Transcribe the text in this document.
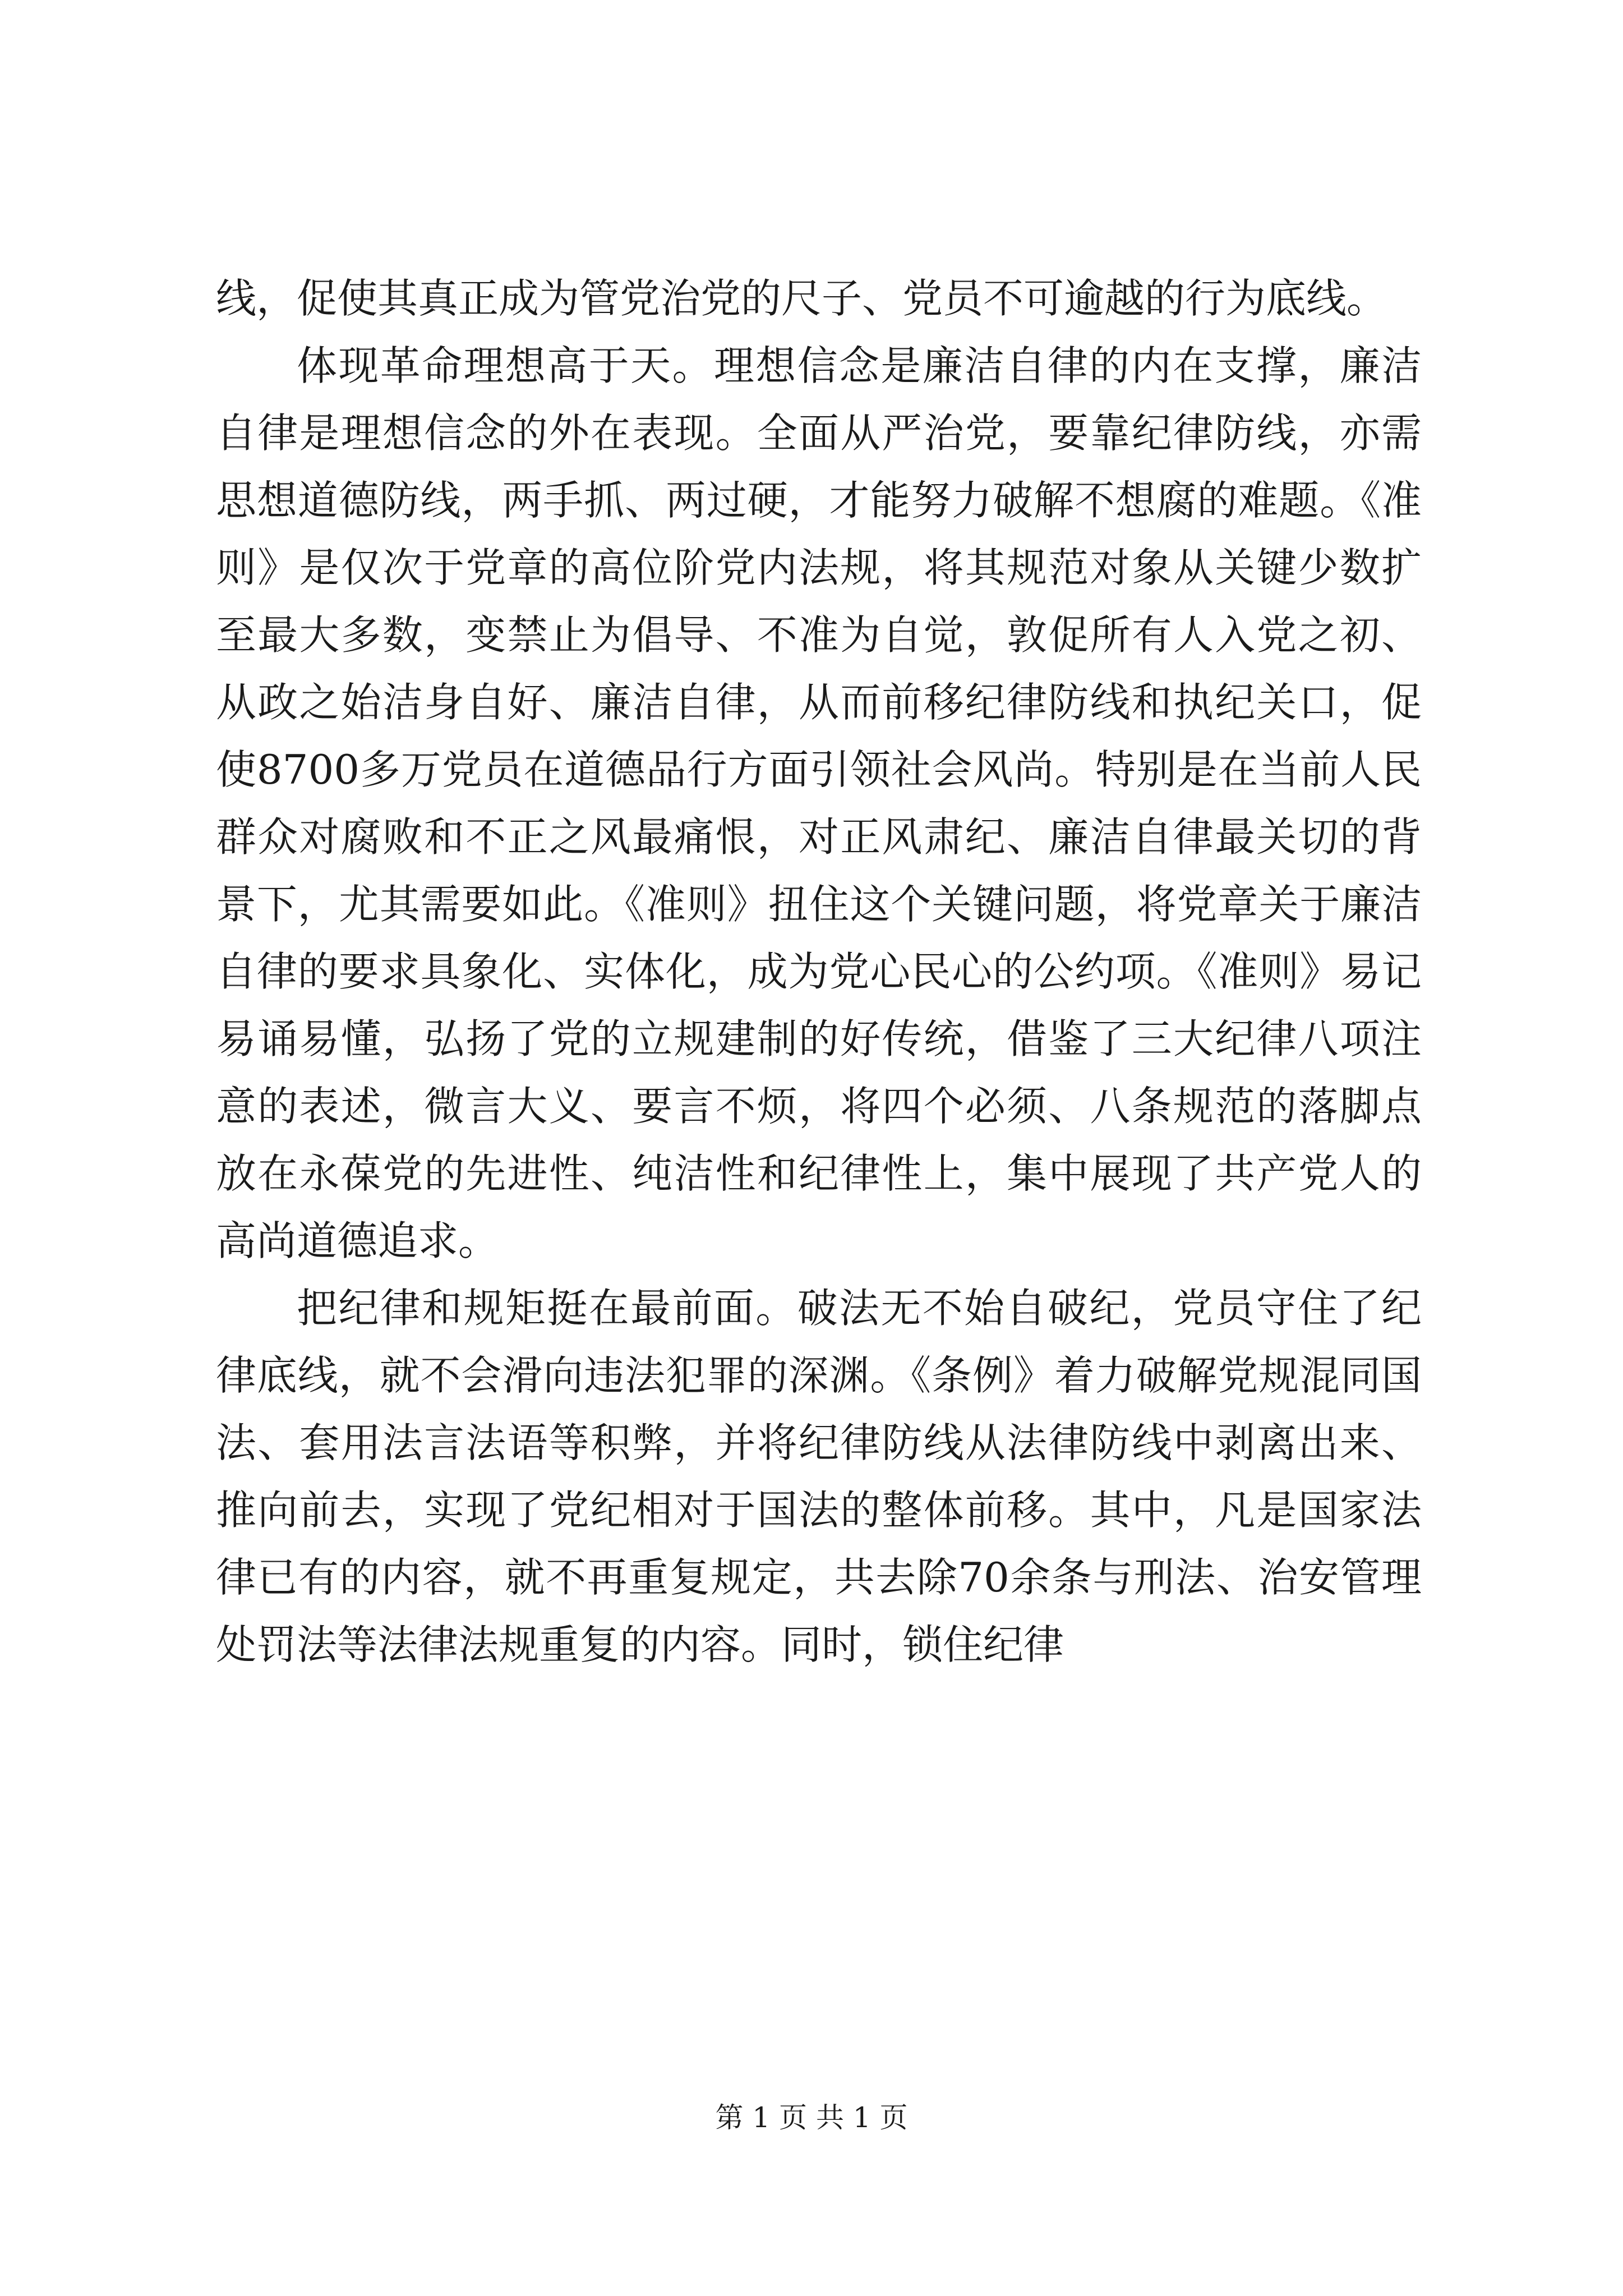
线，促使其真正成为管党治党的尺子、党员不可逾越的行为底线。

体现革命理想高于天。理想信念是廉洁自律的内在支撑，廉洁自律是理想信念的外在表现。全面从严治党，要靠纪律防线，亦需思想道德防线，两手抓、两过硬，才能努力破解不想腐的难题。《准则》是仅次于党章的高位阶党内法规，将其规范对象从关键少数扩至最大多数，变禁止为倡导、不准为自觉，敦促所有人入党之初、从政之始洁身自好、廉洁自律，从而前移纪律防线和执纪关口，促使8700多万党员在道德品行方面引领社会风尚。特别是在当前人民群众对腐败和不正之风最痛恨，对正风肃纪、廉洁自律最关切的背景下，尤其需要如此。《准则》扭住这个关键问题，将党章关于廉洁自律的要求具象化、实体化，成为党心民心的公约项。《准则》易记易诵易懂，弘扬了党的立规建制的好传统，借鉴了三大纪律八项注意的表述，微言大义、要言不烦，将四个必须、八条规范的落脚点放在永葆党的先进性、纯洁性和纪律性上，集中展现了共产党人的高尚道德追求。

把纪律和规矩挺在最前面。破法无不始自破纪，党员守住了纪律底线，就不会滑向违法犯罪的深渊。《条例》着力破解党规混同国法、套用法言法语等积弊，并将纪律防线从法律防线中剥离出来、推向前去，实现了党纪相对于国法的整体前移。其中，凡是国家法律已有的内容，就不再重复规定，共去除70余条与刑法、治安管理处罚法等法律法规重复的内容。同时，锁住纪律

第 1 页 共 1 页
